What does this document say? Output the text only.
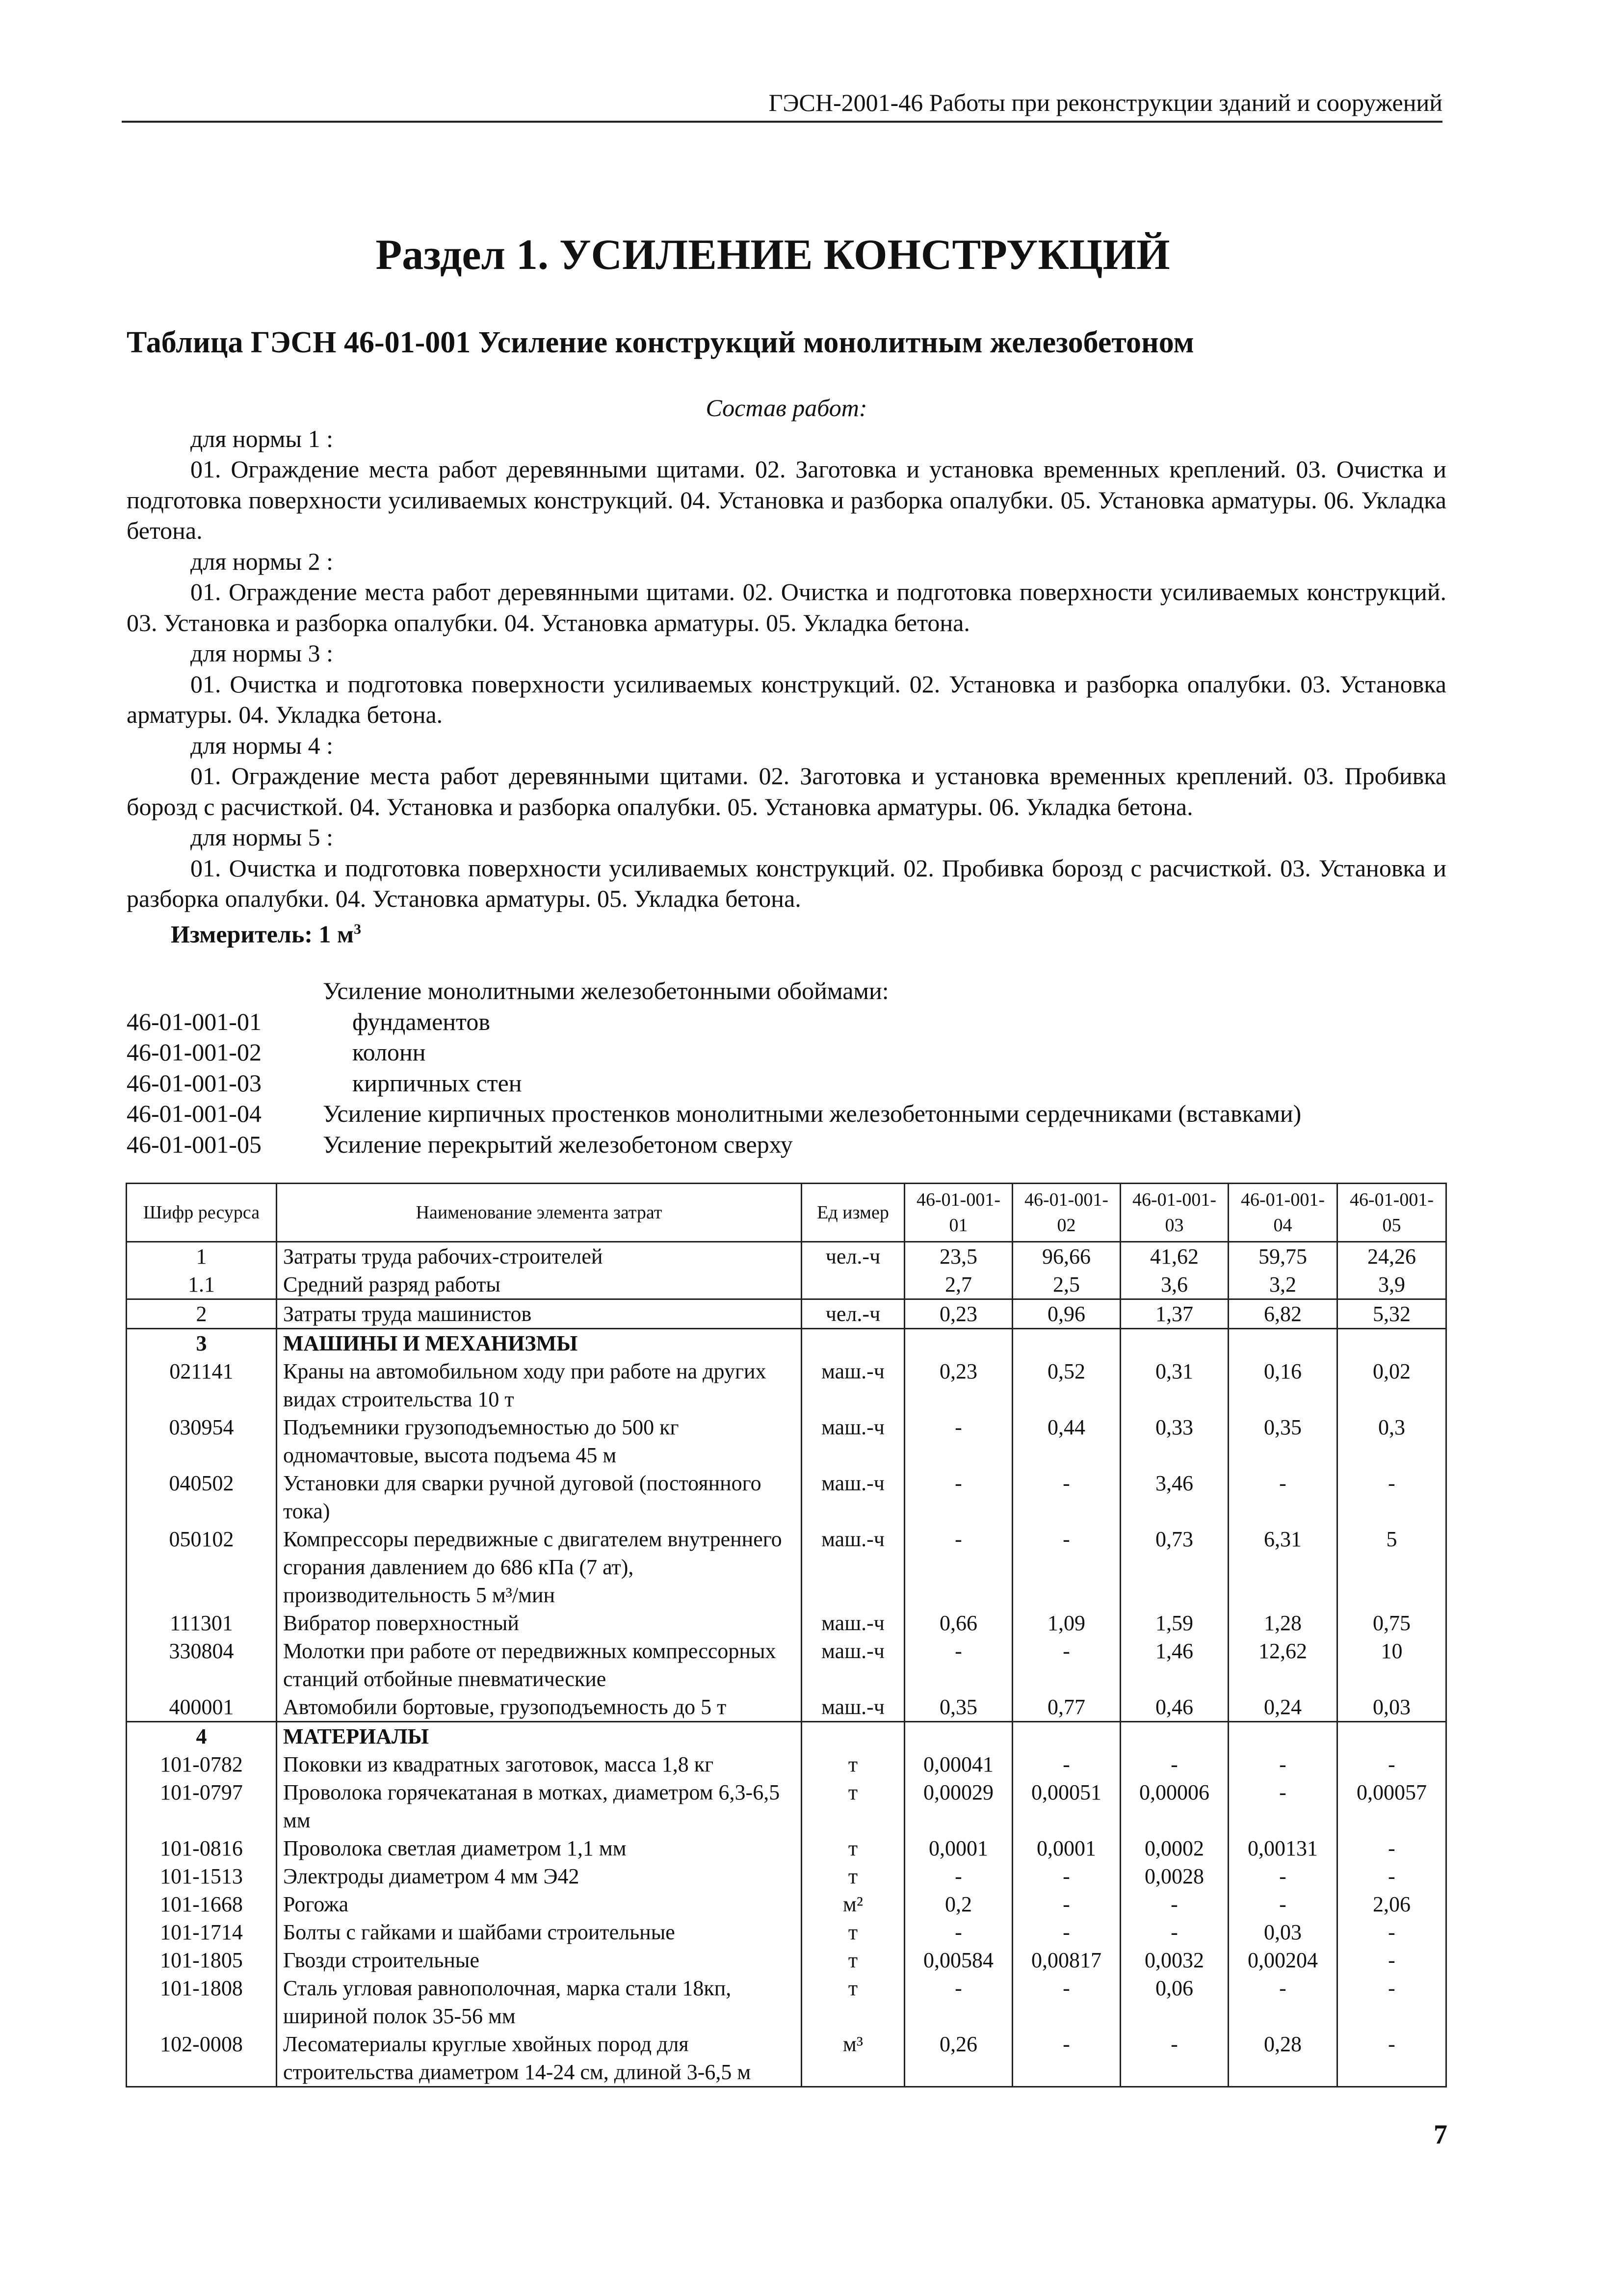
ГЭСН-2001-46 Работы при реконструкции зданий и сооружений
Раздел 1. УСИЛЕНИЕ КОНСТРУКЦИЙ
Таблица ГЭСН 46-01-001 Усиление конструкций монолитным железобетоном
Состав работ:
для нормы 1 :
01. Ограждение места работ деревянными щитами. 02. Заготовка и установка временных креплений. 03. Очистка и подготовка поверхности усиливаемых конструкций. 04. Установка и разборка опалубки. 05. Установка арматуры. 06. Укладка бетона.
для нормы 2 :
01. Ограждение места работ деревянными щитами. 02. Очистка и подготовка поверхности усиливаемых конструкций. 03. Установка и разборка опалубки. 04. Установка арматуры. 05. Укладка бетона.
для нормы 3 :
01. Очистка и подготовка поверхности усиливаемых конструкций. 02. Установка и разборка опалубки. 03. Установка арматуры. 04. Укладка бетона.
для нормы 4 :
01. Ограждение места работ деревянными щитами. 02. Заготовка и установка временных креплений. 03. Пробивка борозд с расчисткой. 04. Установка и разборка опалубки. 05. Установка арматуры. 06. Укладка бетона.
для нормы 5 :
01. Очистка и подготовка поверхности усиливаемых конструкций. 02. Пробивка борозд с расчисткой. 03. Установка и разборка опалубки. 04. Установка арматуры. 05. Укладка бетона.
Измеритель: 1 $м^3$
Усиление монолитными железобетонными обоймами:
46-01-001-01	фундаментов
46-01-001-02	колонн
46-01-001-03	кирпичных стен
46-01-001-04	Усиление кирпичных простенков монолитными железобетонными сердечниками (вставками)
46-01-001-05	Усиление перекрытий железобетоном сверху
Шифр ресурса	Наименование элемента затрат	Ед измер	46-01-001-01	46-01-001-02	46-01-001-03	46-01-001-04	46-01-001-05
1	Затраты труда рабочих-строителей	чел.-ч	23,5	96,66	41,62	59,75	24,26
1.1	Средний разряд работы		2,7	2,5	3,6	3,2	3,9
2	Затраты труда машинистов	чел.-ч	0,23	0,96	1,37	6,82	5,32
3	МАШИНЫ И МЕХАНИЗМЫ						
021141	Краны на автомобильном ходу при работе на других видах строительства 10 т	маш.-ч	0,23	0,52	0,31	0,16	0,02
030954	Подъемники грузоподъемностью до 500 кг одномачтовые, высота подъема 45 м	маш.-ч	-	0,44	0,33	0,35	0,3
040502	Установки для сварки ручной дуговой (постоянного тока)	маш.-ч	-	-	3,46	-	-
050102	Компрессоры передвижные с двигателем внутреннего сгорания давлением до 686 кПа (7 ат), производительность 5 м³/мин	маш.-ч	-	-	0,73	6,31	5
111301	Вибратор поверхностный	маш.-ч	0,66	1,09	1,59	1,28	0,75
330804	Молотки при работе от передвижных компрессорных станций отбойные пневматические	маш.-ч	-	-	1,46	12,62	10
400001	Автомобили бортовые, грузоподъемность до 5 т	маш.-ч	0,35	0,77	0,46	0,24	0,03
4	МАТЕРИАЛЫ						
101-0782	Поковки из квадратных заготовок, масса 1,8 кг	т	0,00041	-	-	-	-
101-0797	Проволока горячекатаная в мотках, диаметром 6,3-6,5 мм	т	0,00029	0,00051	0,00006	-	0,00057
101-0816	Проволока светлая диаметром 1,1 мм	т	0,0001	0,0001	0,0002	0,00131	-
101-1513	Электроды диаметром 4 мм Э42	т	-	-	0,0028	-	-
101-1668	Рогожа	м²	0,2	-	-	-	2,06
101-1714	Болты с гайками и шайбами строительные	т	-	-	-	0,03	-
101-1805	Гвозди строительные	т	0,00584	0,00817	0,0032	0,00204	-
101-1808	Сталь угловая равнополочная, марка стали 18кп, шириной полок 35-56 мм	т	-	-	0,06	-	-
102-0008	Лесоматериалы круглые хвойных пород для строительства диаметром 14-24 см, длиной 3-6,5 м	м³	0,26	-	-	0,28	-
7
